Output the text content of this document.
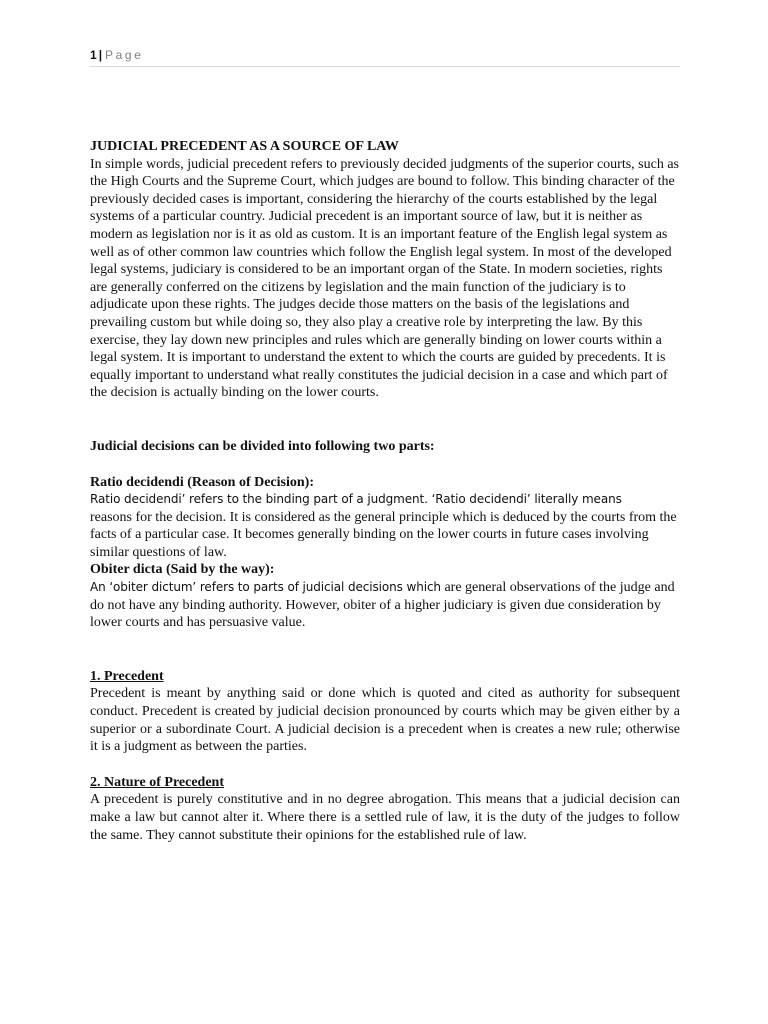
1 | Page

JUDICIAL PRECEDENT AS A SOURCE OF LAW

In simple words, judicial precedent refers to previously decided judgments of the superior courts, such as the High Courts and the Supreme Court, which judges are bound to follow. This binding character of the previously decided cases is important, considering the hierarchy of the courts established by the legal systems of a particular country. Judicial precedent is an important source of law, but it is neither as modern as legislation nor is it as old as custom. It is an important feature of the English legal system as well as of other common law countries which follow the English legal system. In most of the developed legal systems, judiciary is considered to be an important organ of the State. In modern societies, rights are generally conferred on the citizens by legislation and the main function of the judiciary is to adjudicate upon these rights. The judges decide those matters on the basis of the legislations and prevailing custom but while doing so, they also play a creative role by interpreting the law. By this exercise, they lay down new principles and rules which are generally binding on lower courts within a legal system. It is important to understand the extent to which the courts are guided by precedents. It is equally important to understand what really constitutes the judicial decision in a case and which part of the decision is actually binding on the lower courts.

Judicial decisions can be divided into following two parts:

Ratio decidendi (Reason of Decision):

Ratio decidendi’ refers to the binding part of a judgment. ‘Ratio decidendi’ literally means
reasons for the decision. It is considered as the general principle which is deduced by the courts from the facts of a particular case. It becomes generally binding on the lower courts in future cases involving similar questions of law.

Obiter dicta (Said by the way):

An ‘obiter dictum’ refers to parts of judicial decisions which are general observations of the judge and do not have any binding authority. However, obiter of a higher judiciary is given due consideration by lower courts and has persuasive value.

1. Precedent

Precedent is meant by anything said or done which is quoted and cited as authority for subsequent conduct. Precedent is created by judicial decision pronounced by courts which may be given either by a superior or a subordinate Court. A judicial decision is a precedent when is creates a new rule; otherwise it is a judgment as between the parties.

2. Nature of Precedent

A precedent is purely constitutive and in no degree abrogation. This means that a judicial decision can make a law but cannot alter it. Where there is a settled rule of law, it is the duty of the judges to follow the same. They cannot substitute their opinions for the established rule of law.
